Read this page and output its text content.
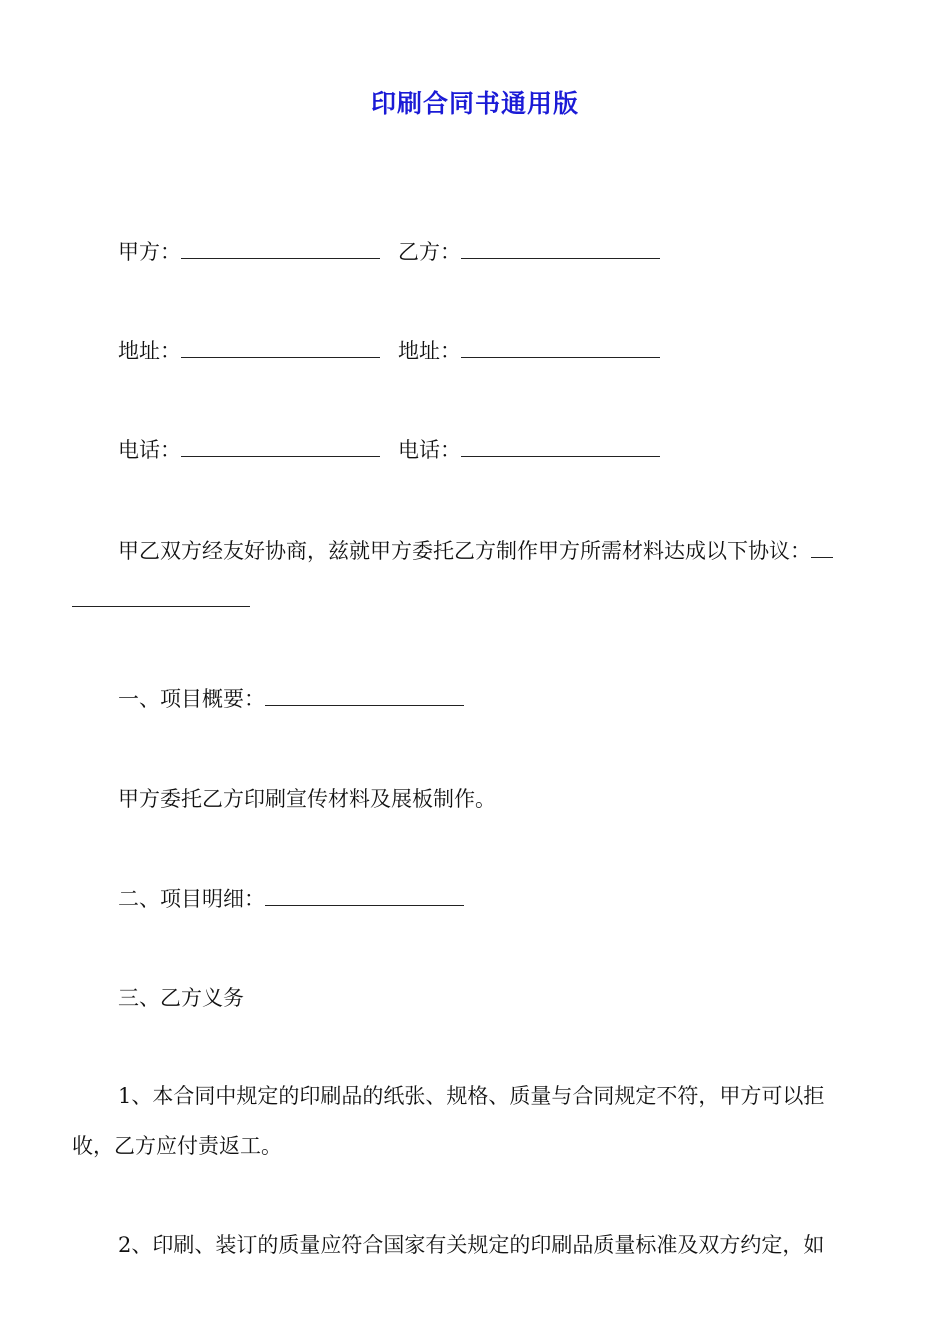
印刷合同书通用版
甲方：	乙方：
地址：	地址：
电话：	电话：
甲乙双方经友好协商，兹就甲方委托乙方制作甲方所需材料达成以下协议：
一、项目概要：
甲方委托乙方印刷宣传材料及展板制作。
二、项目明细：
三、乙方义务
1、本合同中规定的印刷品的纸张、规格、质量与合同规定不符，甲方可以拒
收，乙方应付责返工。
2、印刷、装订的质量应符合国家有关规定的印刷品质量标准及双方约定，如
